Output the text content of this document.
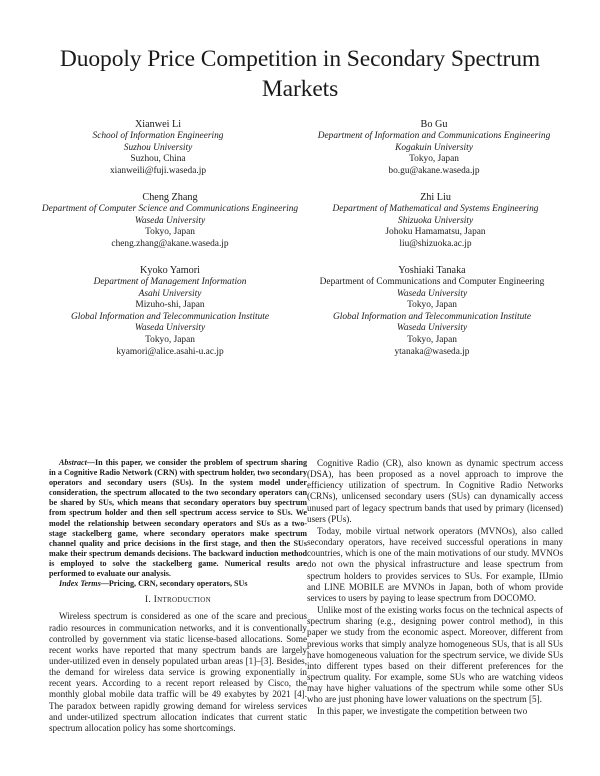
Duopoly Price Competition in Secondary Spectrum Markets
Xianwei Li
School of Information Engineering
Suzhou University
Suzhou, China
xianweili@fuji.waseda.jp
Bo Gu
Department of Information and Communications Engineering
Kogakuin University
Tokyo, Japan
bo.gu@akane.waseda.jp
Cheng Zhang
Department of Computer Science and Communications Engineering
Waseda University
Tokyo, Japan
cheng.zhang@akane.waseda.jp
Zhi Liu
Department of Mathematical and Systems Engineering
Shizuoka University
Johoku Hamamatsu, Japan
liu@shizuoka.ac.jp
Kyoko Yamori
Department of Management Information
Asahi University
Mizuho-shi, Japan
Global Information and Telecommunication Institute
Waseda University
Tokyo, Japan
kyamori@alice.asahi-u.ac.jp
Yoshiaki Tanaka
Department of Communications and Computer Engineering
Waseda University
Tokyo, Japan
Global Information and Telecommunication Institute
Waseda University
Tokyo, Japan
ytanaka@waseda.jp

Abstract—In this paper, we consider the problem of spectrum sharing in a Cognitive Radio Network (CRN) with spectrum holder, two secondary operators and secondary users (SUs). In the system model under consideration, the spectrum allocated to the two secondary operators can be shared by SUs, which means that secondary operators buy spectrum from spectrum holder and then sell spectrum access service to SUs. We model the relationship between secondary operators and SUs as a two-stage stackelberg game, where secondary operators make spectrum channel quality and price decisions in the first stage, and then the SUs make their spectrum demands decisions. The backward induction method is employed to solve the stackelberg game. Numerical results are performed to evaluate our analysis.

Index Terms—Pricing, CRN, secondary operators, SUs

I. Introduction

Wireless spectrum is considered as one of the scare and precious radio resources in communication networks, and it is conventionally controlled by government via static license-based allocations. Some recent works have reported that many spectrum bands are largely under-utilized even in densely populated urban areas [1]–[3]. Besides, the demand for wireless data service is growing exponentially in recent years. According to a recent report released by Cisco, the monthly global mobile data traffic will be 49 exabytes by 2021 [4]. The paradox between rapidly growing demand for wireless services and under-utilized spectrum allocation indicates that current static spectrum allocation policy has some shortcomings.

Cognitive Radio (CR), also known as dynamic spectrum access (DSA), has been proposed as a novel approach to improve the efficiency utilization of spectrum. In Cognitive Radio Networks (CRNs), unlicensed secondary users (SUs) can dynamically access unused part of legacy spectrum bands that used by primary (licensed) users (PUs).

Today, mobile virtual network operators (MVNOs), also called secondary operators, have received successful operations in many countries, which is one of the main motivations of our study. MVNOs do not own the physical infrastructure and lease spectrum from spectrum holders to provides services to SUs. For example, IIJmio and LINE MOBILE are MVNOs in Japan, both of whom provide services to users by paying to lease spectrum from DOCOMO.

Unlike most of the existing works focus on the technical aspects of spectrum sharing (e.g., designing power control method), in this paper we study from the economic aspect. Moreover, different from previous works that simply analyze homogeneous SUs, that is all SUs have homogeneous valuation for the spectrum service, we divide SUs into different types based on their different preferences for the spectrum quality. For example, some SUs who are watching videos may have higher valuations of the spectrum while some other SUs who are just phoning have lower valuations on the spectrum [5].

In this paper, we investigate the competition between two
